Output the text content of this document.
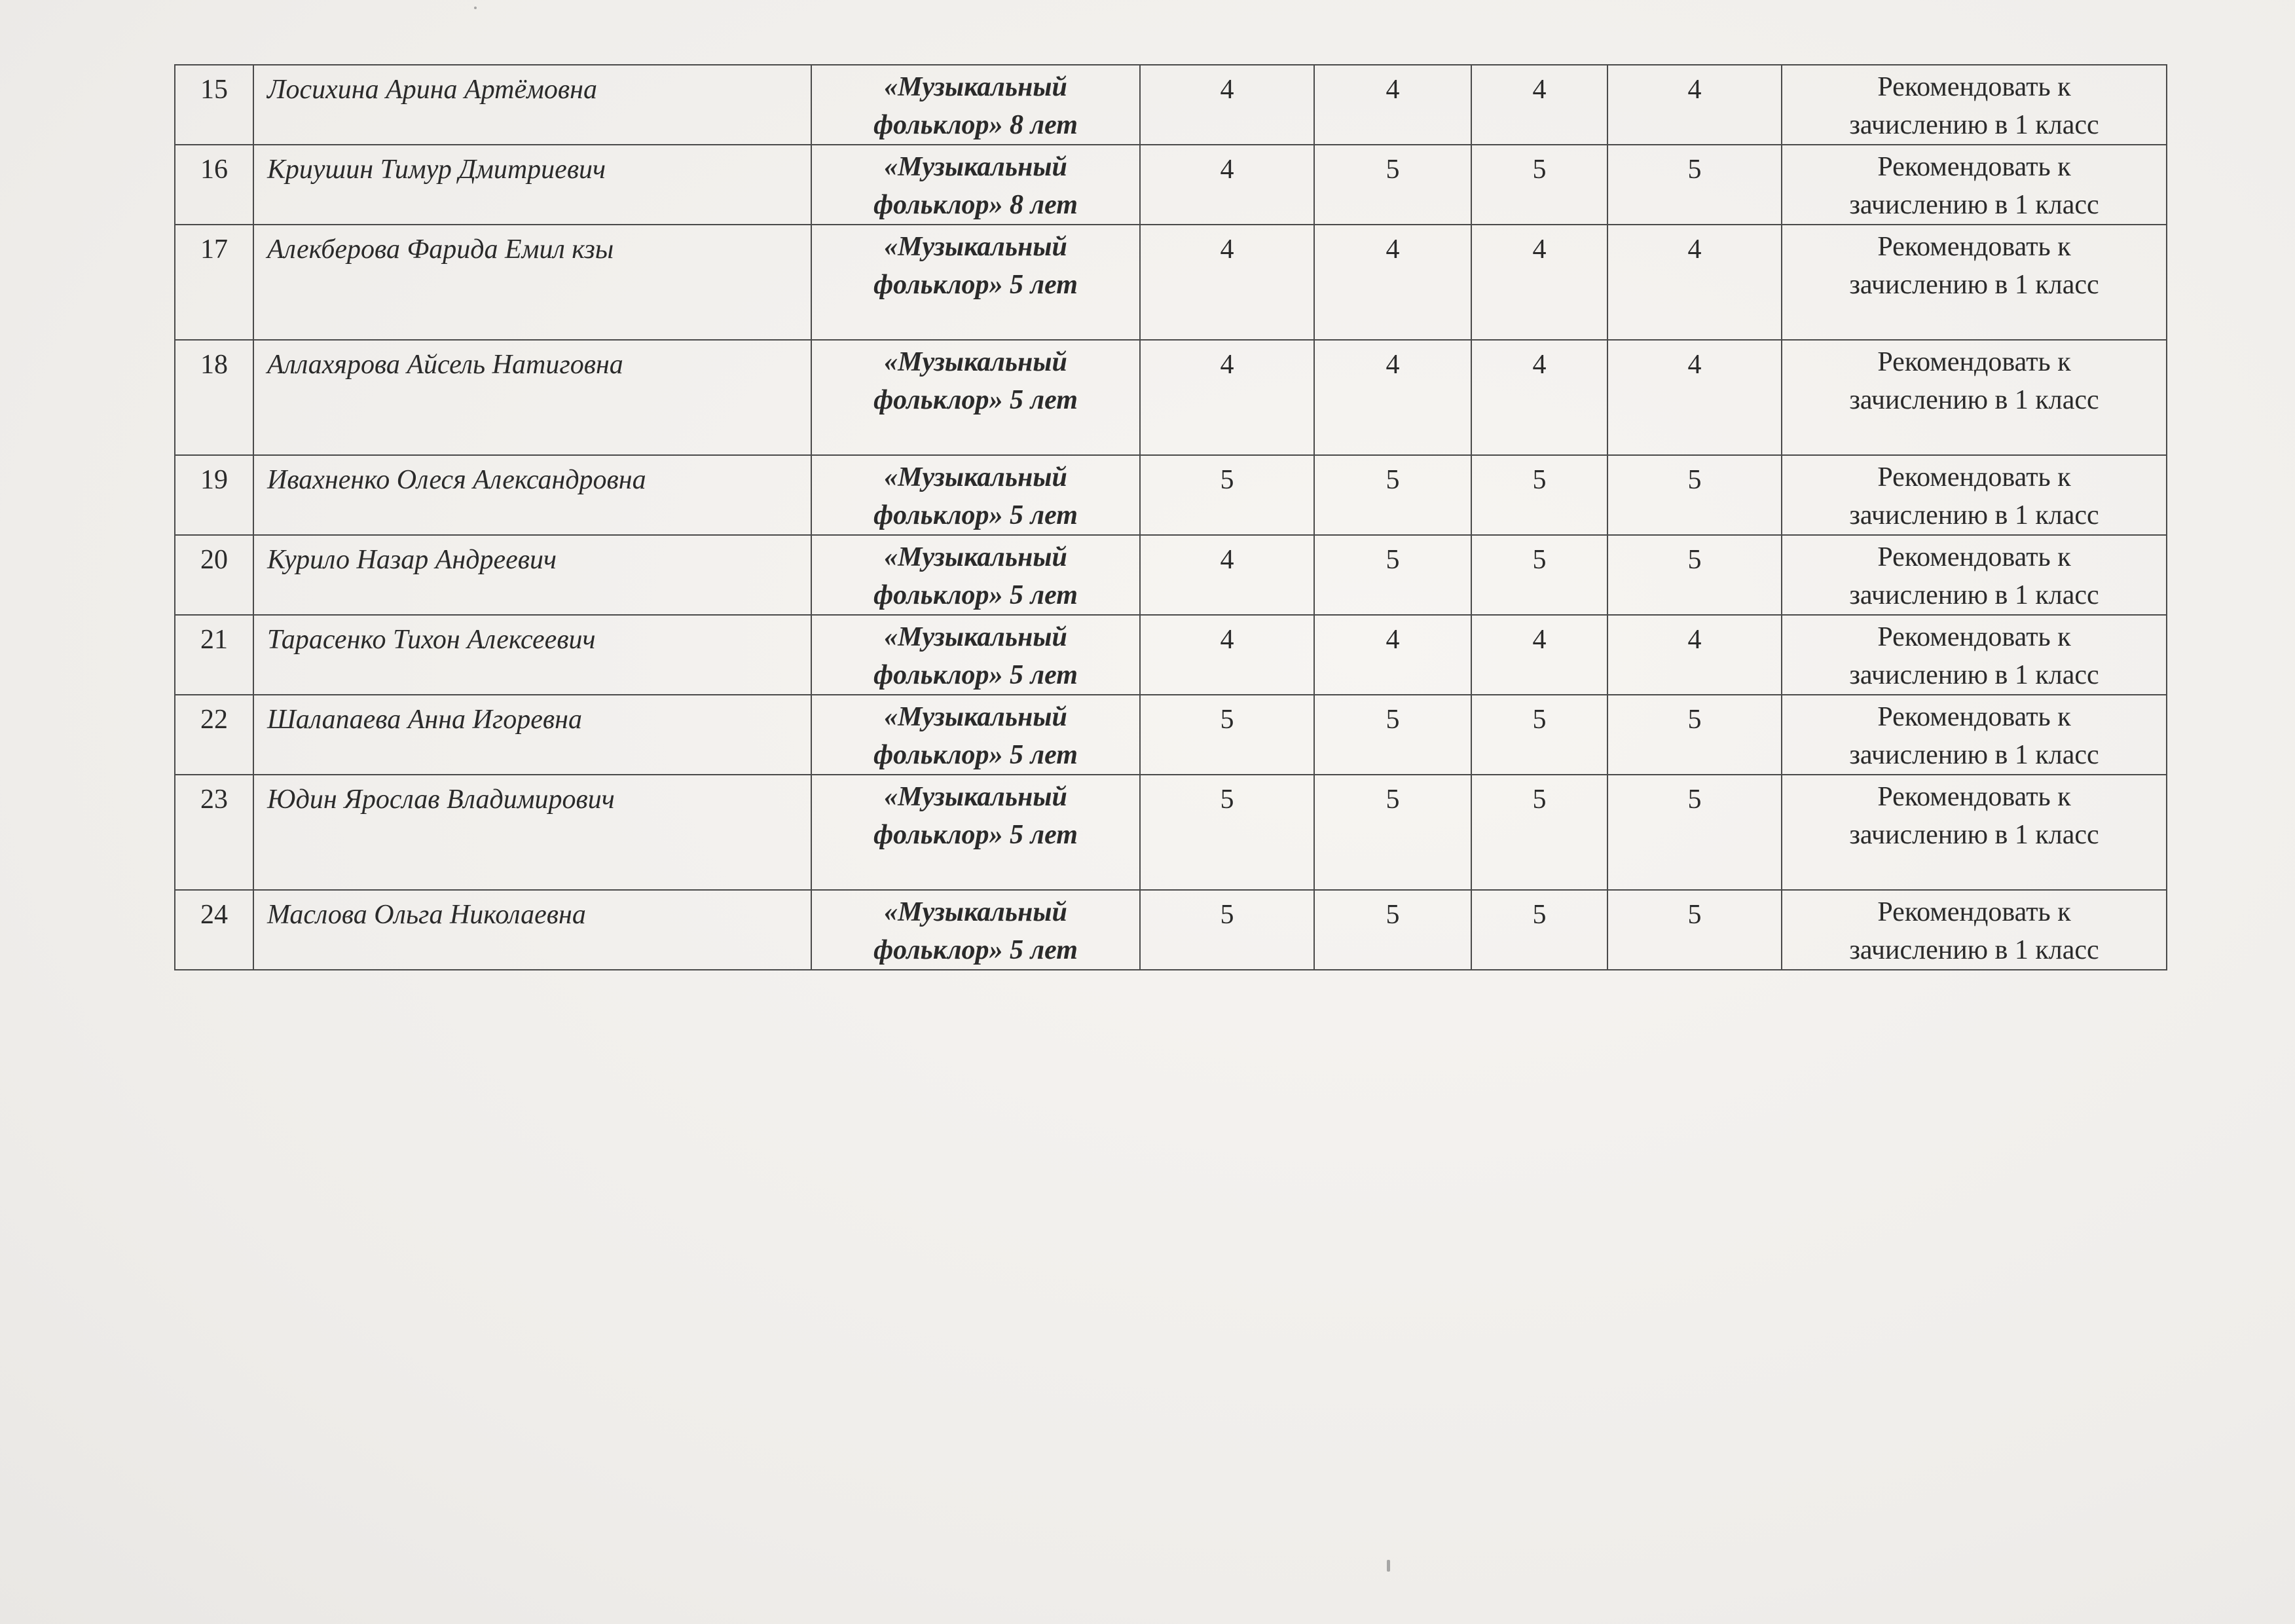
15	Лосихина Арина Артёмовна	«Музыкальный
фольклор» 8 лет	4	4	4	4	Рекомендовать к
зачислению в 1 класс

16	Криушин Тимур Дмитриевич	«Музыкальный
фольклор» 8 лет	4	5	5	5	Рекомендовать к
зачислению в 1 класс

17	Алекберова Фарида Емил кзы	«Музыкальный
фольклор» 5 лет	4	4	4	4	Рекомендовать к
зачислению в 1 класс

18	Аллахярова Айсель Натиговна	«Музыкальный
фольклор» 5 лет	4	4	4	4	Рекомендовать к
зачислению в 1 класс

19	Ивахненко Олеся Александровна	«Музыкальный
фольклор» 5 лет	5	5	5	5	Рекомендовать к
зачислению в 1 класс

20	Курило Назар Андреевич	«Музыкальный
фольклор» 5 лет	4	5	5	5	Рекомендовать к
зачислению в 1 класс

21	Тарасенко Тихон Алексеевич	«Музыкальный
фольклор» 5 лет	4	4	4	4	Рекомендовать к
зачислению в 1 класс

22	Шалапаева Анна Игоревна	«Музыкальный
фольклор» 5 лет	5	5	5	5	Рекомендовать к
зачислению в 1 класс

23	Юдин Ярослав Владимирович	«Музыкальный
фольклор» 5 лет	5	5	5	5	Рекомендовать к
зачислению в 1 класс

24	Маслова Ольга Николаевна	«Музыкальный
фольклор» 5 лет	5	5	5	5	Рекомендовать к
зачислению в 1 класс
